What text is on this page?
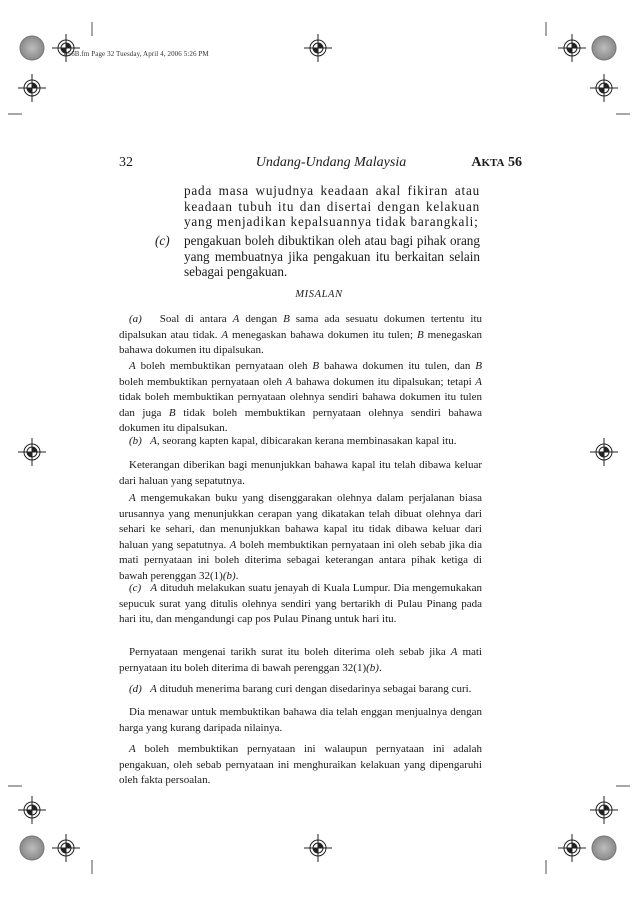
056B.fm Page 32 Tuesday, April 4, 2006 5:26 PM
32	Undang-Undang Malaysia	AKTA 56
pada masa wujudnya keadaan akal fikiran atau keadaan tubuh itu dan disertai dengan kelakuan yang menjadikan kepalsuannya tidak barangkali;
(c) pengakuan boleh dibuktikan oleh atau bagi pihak orang yang membuatnya jika pengakuan itu berkaitan selain sebagai pengakuan.
MISALAN

(a) Soal di antara A dengan B sama ada sesuatu dokumen tertentu itu dipalsukan atau tidak. A menegaskan bahawa dokumen itu tulen; B menegaskan bahawa dokumen itu dipalsukan.

A boleh membuktikan pernyataan oleh B bahawa dokumen itu tulen, dan B boleh membuktikan pernyataan oleh A bahawa dokumen itu dipalsukan; tetapi A tidak boleh membuktikan pernyataan olehnya sendiri bahawa dokumen itu tulen dan juga B tidak boleh membuktikan pernyataan olehnya sendiri bahawa dokumen itu dipalsukan.

(b) A, seorang kapten kapal, dibicarakan kerana membinasakan kapal itu.

Keterangan diberikan bagi menunjukkan bahawa kapal itu telah dibawa keluar dari haluan yang sepatutnya.

A mengemukakan buku yang disenggarakan olehnya dalam perjalanan biasa urusannya yang menunjukkan cerapan yang dikatakan telah dibuat olehnya dari sehari ke sehari, dan menunjukkan bahawa kapal itu tidak dibawa keluar dari haluan yang sepatutnya. A boleh membuktikan pernyataan ini oleh sebab jika dia mati pernyataan ini boleh diterima sebagai keterangan antara pihak ketiga di bawah perenggan 32(1)(b).

(c) A dituduh melakukan suatu jenayah di Kuala Lumpur. Dia mengemukakan sepucuk surat yang ditulis olehnya sendiri yang bertarikh di Pulau Pinang pada hari itu, dan mengandungi cap pos Pulau Pinang untuk hari itu.

Pernyataan mengenai tarikh surat itu boleh diterima oleh sebab jika A mati pernyataan itu boleh diterima di bawah perenggan 32(1)(b).

(d) A dituduh menerima barang curi dengan disedarinya sebagai barang curi.

Dia menawar untuk membuktikan bahawa dia telah enggan menjualnya dengan harga yang kurang daripada nilainya.

A boleh membuktikan pernyataan ini walaupun pernyataan ini adalah pengakuan, oleh sebab pernyataan ini menghuraikan kelakuan yang dipengaruhi oleh fakta persoalan.
